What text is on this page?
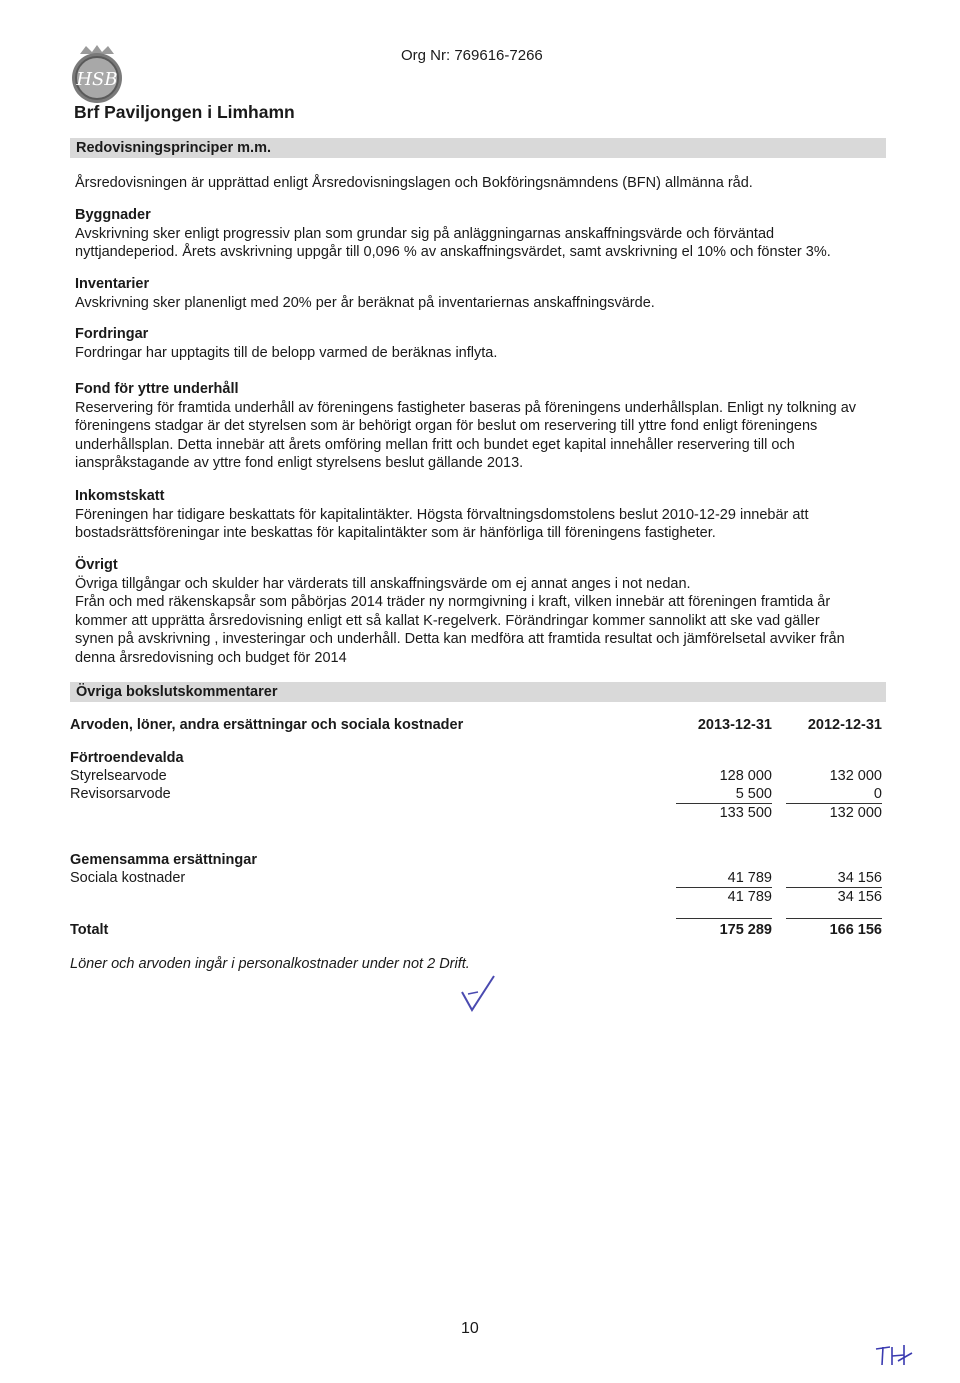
HSB
Org Nr: 769616-7266
Brf Paviljongen i Limhamn
Redovisningsprinciper m.m.
Årsredovisningen är upprättad enligt Årsredovisningslagen och Bokföringsnämndens (BFN) allmänna råd.
Byggnader
Avskrivning sker enligt progressiv plan som grundar sig på anläggningarnas anskaffningsvärde och förväntad
nyttjandeperiod. Årets avskrivning uppgår till 0,096 % av anskaffningsvärdet, samt avskrivning el 10% och fönster 3%.
Inventarier
Avskrivning sker planenligt med 20% per år beräknat på inventariernas anskaffningsvärde.
Fordringar
Fordringar har upptagits till de belopp varmed de beräknas inflyta.
Fond för yttre underhåll
Reservering för framtida underhåll av föreningens fastigheter baseras på föreningens underhållsplan. Enligt ny tolkning av
föreningens stadgar är det styrelsen som är behörigt organ för beslut om reservering till yttre fond enligt föreningens
underhållsplan. Detta innebär att årets omföring mellan fritt och bundet eget kapital innehåller reservering till och
ianspråkstagande av yttre fond enligt styrelsens beslut gällande 2013.
Inkomstskatt
Föreningen har tidigare beskattats för kapitalintäkter. Högsta förvaltningsdomstolens beslut 2010-12-29 innebär att
bostadsrättsföreningar inte beskattas för kapitalintäkter som är hänförliga till föreningens fastigheter.
Övrigt
Övriga tillgångar och skulder har värderats till anskaffningsvärde om ej annat anges i not nedan.
Från och med räkenskapsår som påbörjas 2014 träder ny normgivning i kraft, vilken innebär att föreningen framtida år
kommer att upprätta årsredovisning enligt ett så kallat K-regelverk. Förändringar kommer sannolikt att ske vad gäller
synen på avskrivning , investeringar och underhåll. Detta kan medföra att framtida resultat och jämförelsetal avviker från
denna årsredovisning och budget för 2014
Övriga bokslutskommentarer
Arvoden, löner, andra ersättningar och sociala kostnader	2013-12-31 2012-12-31
Förtroendevalda
Styrelsearvode	128 000	132 000
Revisorsarvode	5 500	0
133 500	132 000
Gemensamma ersättningar
Sociala kostnader	41 789	34 156
41 789	34 156
Totalt	175 289	166 156
Löner och arvoden ingår i personalkostnader under not 2 Drift.
10
